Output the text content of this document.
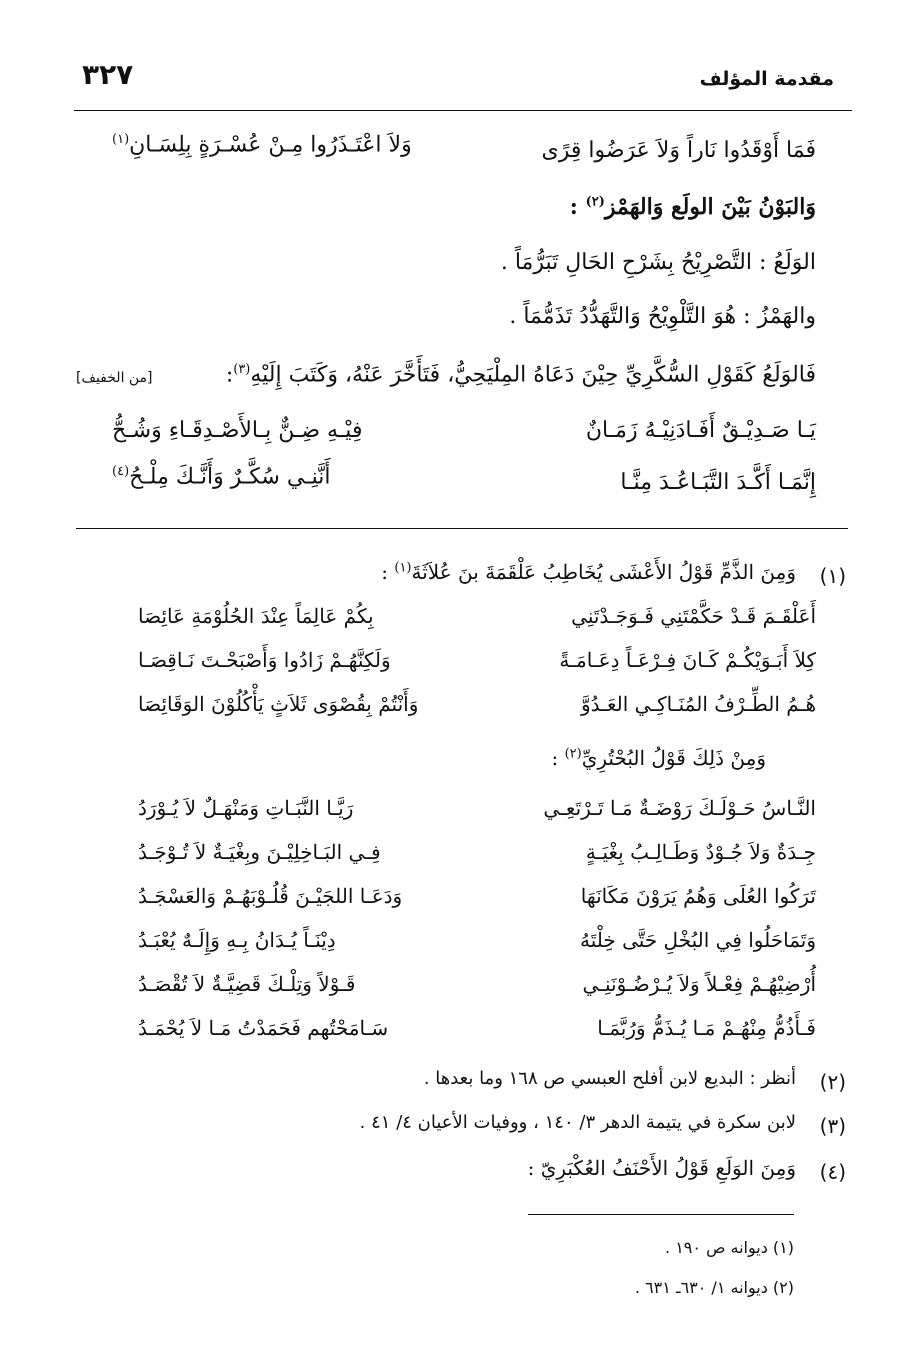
مقدمة المؤلف
٣٢٧
فَمَا أَوْقَدُوا نَاراً وَلاَ عَرَضُوا قِرًى
وَلاَ اعْتَـذَرُوا مِـنْ عُسْـرَةٍ بِلِسَـانِ$^{(١)}$
وَالبَوْنُ بَيْنَ الولَع وَالهَمْز$^{(٢)}$ :
الوَلَعُ : التَّصْرِيْحُ بِشَرْحِ الحَالِ تَبَرُّمَاً .
والهَمْزُ : هُوَ التَّلْوِيْحُ وَالتَّهَدُّدُ تَذَمُّمَاً .
فَالوَلَعُ كَقَوْلِ السُّكَّرِيِّ حِيْنَ دَعَاهُ المِلْيَحِيُّ، فَتَأَخَّرَ عَنْهُ، وَكَتَبَ إِلَيْهِ$^{(٣)}$:
[من الخفيف]
يَـا صَـدِيْـقٌ أَفَـادَنِيْـهُ زَمَـانٌ
فِيْـهِ ضِـنٌّ بِـالأَصْـدِقَـاءِ وَشُـحُّ
إِنَّمَـا أَكَّـدَ التَّبَـاعُـدَ مِنَّـا
أَنَّنِـي سُكَّـرٌ وَأَنَّـكَ مِلْـحُ$^{(٤)}$
(١)
وَمِنَ الذَّمِّ قَوْلُ الأَعْشَى يُخَاطِبُ عَلْقَمَةَ بنَ عُلاَثَةَ$^{(١)}$ :
أَعَلْقَـمَ قَـدْ حَكَّمْتَنِي فَـوَجَـدْتَنِي
بِكُمْ عَالِمَاً عِنْدَ الحُلُوْمَةِ عَائِصَا
كِلاَ أَبَـوَيْكُـمْ كَـانَ فِـرْعَـاً دِعَـامَـةً
وَلَكِنَّهُـمْ زَادُوا وَأَصْبَحْـتَ نَـاقِصَـا
هُـمُ الطِّـرْفُ المُنَـاكِـي العَـدُوَّ
وَأَنْتُمْ بِقُصْوَى ثَلاَثٍ يَأْكُلُوْنَ الوَقَائِصَا
وَمِنْ ذَلِكَ قَوْلُ البُحْتُرِيِّ$^{(٢)}$ :
النَّـاسُ حَـوْلَـكَ رَوْضَـةٌ مَـا تَـرْتَعِـي
رَيَّـا النَّبَـاتِ وَمَنْهَـلٌ لاَ يُـوْرَدُ
جِـدَةٌ وَلاَ جُـوْدٌ وَطَـالِـبُ بِغْيَـةٍ
فِـي البَـاخِلِيْـنَ وبِغْيَـةٌ لاَ تُـوْجَـدُ
تَرَكُوا العُلَى وَهُمُ يَرَوْنَ مَكَانَهَا
وَدَعَـا اللجَيْـنَ قُلُـوْبَهُـمْ وَالعَسْجَـدُ
وَتَمَاحَلُوا فِي البُخْلِ حَتَّى خِلْتَهُ
دِيْنَـاً يُـدَانُ بِـهِ وَإِلَـهٌ يُعْبَـدُ
أُرْضِيْهُـمْ فِعْـلاً وَلاَ يُـرْضُـوْنَنِـي
قَـوْلاً وَتِلْـكَ قَضِيَّـةٌ لاَ تُقْصَـدُ
فَـأَذُمُّ مِنْهُـمْ مَـا يُـذَمُّ وَرُبَّمَـا
سَـامَحْتُهم فَحَمَدْتُ مَـا لاَ يُحْمَـدُ
(٢)
أنظر : البديع لابن أفلح العبسي ص ١٦٨ وما بعدها .
(٣)
لابن سكرة في يتيمة الدهر ٣/ ١٤٠ ، ووفيات الأعيان ٤/ ٤١ .
(٤)
وَمِنَ الوَلَعِ قَوْلُ الأَحْنَفُ العُكْبَرِيّ :
(١) ديوانه ص ١٩٠ .
(٢) ديوانه ١/ ٦٣٠ـ ٦٣١ .
